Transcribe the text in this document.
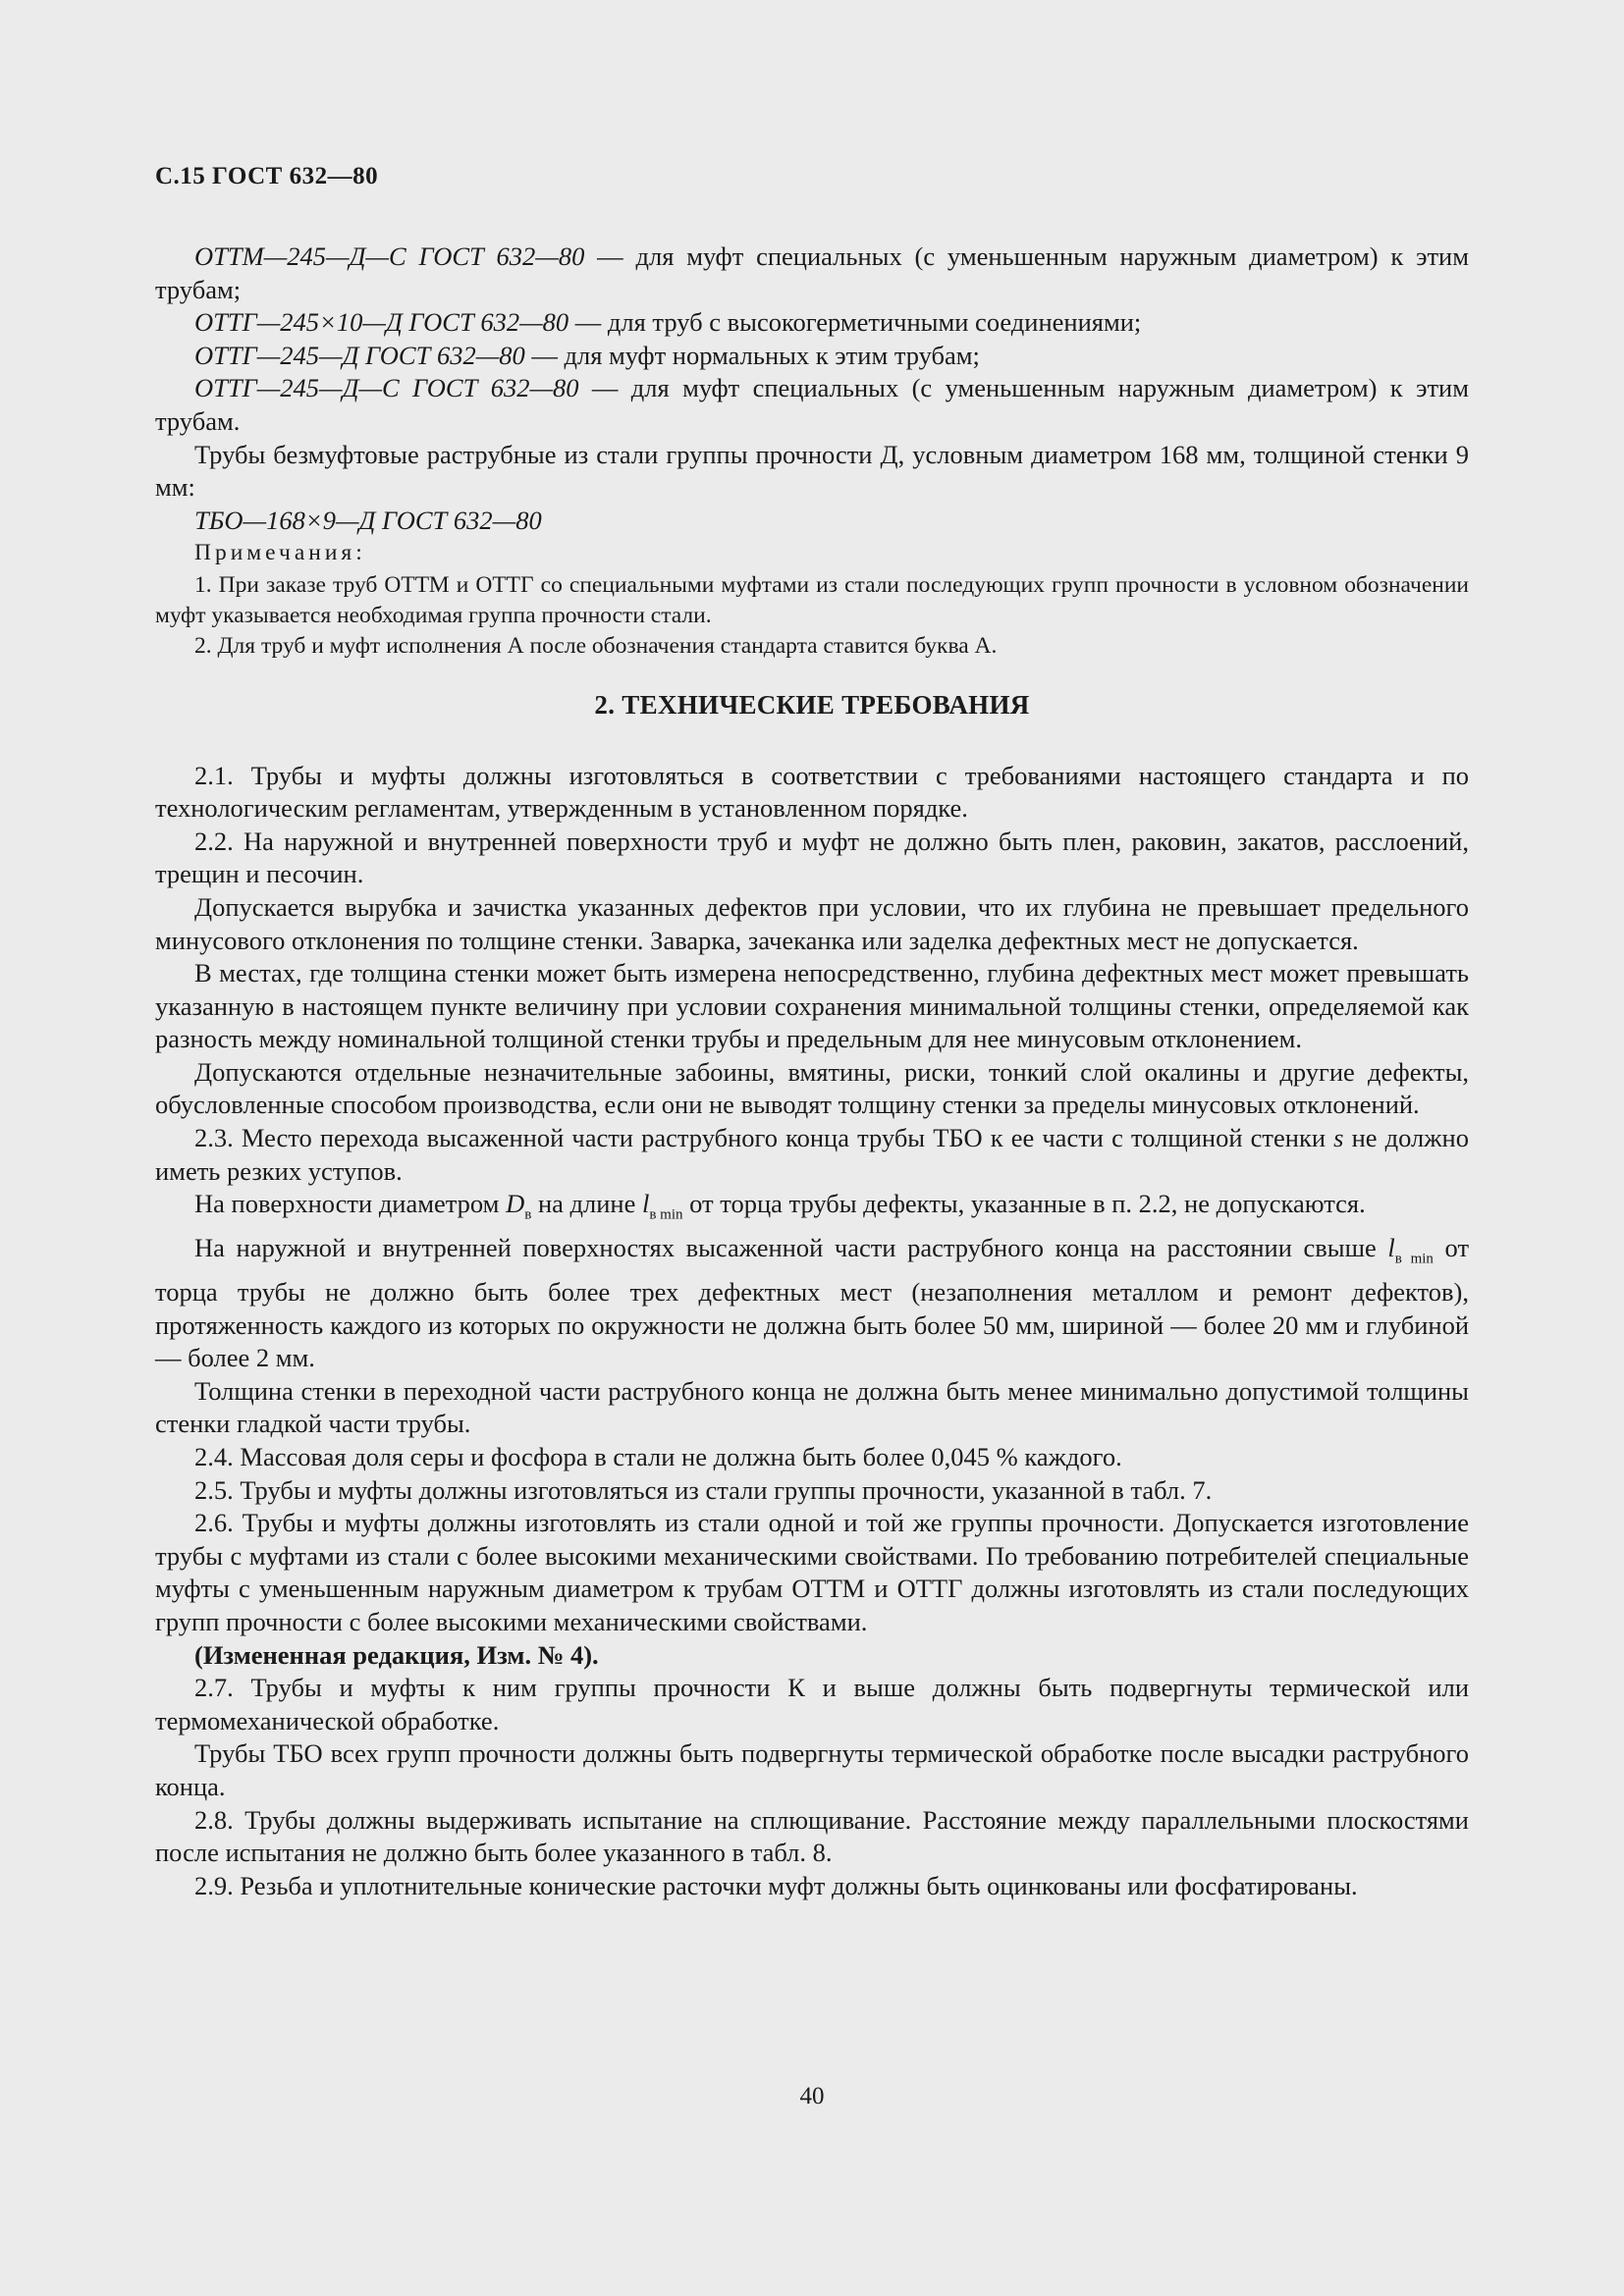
С.15 ГОСТ 632—80

ОТТМ—245—Д—С ГОСТ 632—80 — для муфт специальных (с уменьшенным наружным диаметром) к этим трубам;

ОТТГ—245×10—Д ГОСТ 632—80 — для труб с высокогерметичными соединениями;

ОТТГ—245—Д ГОСТ 632—80 — для муфт нормальных к этим трубам;

ОТТГ—245—Д—С ГОСТ 632—80 — для муфт специальных (с уменьшенным наружным диаметром) к этим трубам.

Трубы безмуфтовые раструбные из стали группы прочности Д, условным диаметром 168 мм, толщиной стенки 9 мм:

ТБО—168×9—Д ГОСТ 632—80

Примечания:

1. При заказе труб ОТТМ и ОТТГ со специальными муфтами из стали последующих групп прочности в условном обозначении муфт указывается необходимая группа прочности стали.

2. Для труб и муфт исполнения А после обозначения стандарта ставится буква А.

2. ТЕХНИЧЕСКИЕ ТРЕБОВАНИЯ

2.1. Трубы и муфты должны изготовляться в соответствии с требованиями настоящего стандарта и по технологическим регламентам, утвержденным в установленном порядке.

2.2. На наружной и внутренней поверхности труб и муфт не должно быть плен, раковин, закатов, расслоений, трещин и песочин.

Допускается вырубка и зачистка указанных дефектов при условии, что их глубина не превышает предельного минусового отклонения по толщине стенки. Заварка, зачеканка или заделка дефектных мест не допускается.

В местах, где толщина стенки может быть измерена непосредственно, глубина дефектных мест может превышать указанную в настоящем пункте величину при условии сохранения минимальной толщины стенки, определяемой как разность между номинальной толщиной стенки трубы и предельным для нее минусовым отклонением.

Допускаются отдельные незначительные забоины, вмятины, риски, тонкий слой окалины и другие дефекты, обусловленные способом производства, если они не выводят толщину стенки за пределы минусовых отклонений.

2.3. Место перехода высаженной части раструбного конца трубы ТБО к ее части с толщиной стенки s не должно иметь резких уступов.

На поверхности диаметром $D_в$ на длине $l_{в min}$ от торца трубы дефекты, указанные в п. 2.2, не допускаются.

На наружной и внутренней поверхностях высаженной части раструбного конца на расстоянии свыше $l_{в min}$ от торца трубы не должно быть более трех дефектных мест (незаполнения металлом и ремонт дефектов), протяженность каждого из которых по окружности не должна быть более 50 мм, шириной — более 20 мм и глубиной — более 2 мм.

Толщина стенки в переходной части раструбного конца не должна быть менее минимально допустимой толщины стенки гладкой части трубы.

2.4. Массовая доля серы и фосфора в стали не должна быть более 0,045 % каждого.

2.5. Трубы и муфты должны изготовляться из стали группы прочности, указанной в табл. 7.

2.6. Трубы и муфты должны изготовлять из стали одной и той же группы прочности. Допускается изготовление трубы с муфтами из стали с более высокими механическими свойствами. По требованию потребителей специальные муфты с уменьшенным наружным диаметром к трубам ОТТМ и ОТТГ должны изготовлять из стали последующих групп прочности с более высокими механическими свойствами.

(Измененная редакция, Изм. № 4).

2.7. Трубы и муфты к ним группы прочности К и выше должны быть подвергнуты термической или термомеханической обработке.

Трубы ТБО всех групп прочности должны быть подвергнуты термической обработке после высадки раструбного конца.

2.8. Трубы должны выдерживать испытание на сплющивание. Расстояние между параллельными плоскостями после испытания не должно быть более указанного в табл. 8.

2.9. Резьба и уплотнительные конические расточки муфт должны быть оцинкованы или фосфатированы.

40
